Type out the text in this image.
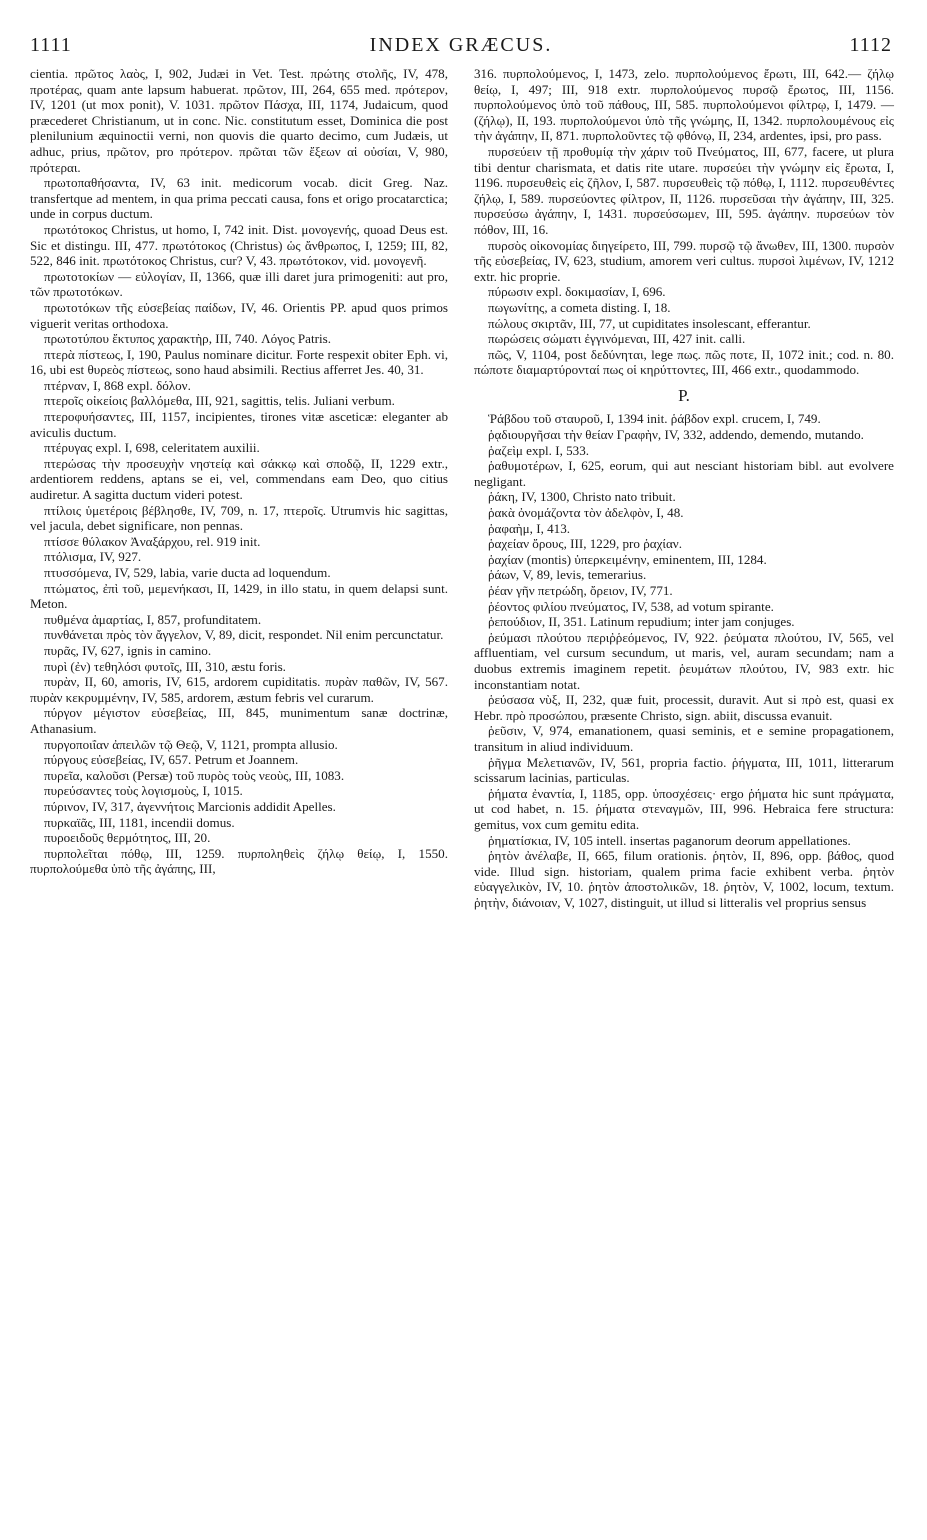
1111	INDEX GRÆCUS.	1112

cientia. πρῶτος λαὸς, I, 902, Judæi in Vet. Test. πρώτης στολῆς, IV, 478, προτέρας, quam ante lapsum habuerat. πρῶτον, III, 264, 655 med. πρότερον, IV, 1201 (ut mox ponit), V. 1031. πρῶτον Πάσχα, III, 1174, Judaicum, quod præcederet Christianum, ut in conc. Nic. constitutum esset, Dominica die post plenilunium æquinoctii verni, non quovis die quarto decimo, cum Judæis, ut adhuc, prius, πρῶτον, pro πρότερον. πρῶται τῶν ἔξεων αἱ οὐσίαι, V, 980, πρότεραι.

πρωτοπαθήσαντα, IV, 63 init. medicorum vocab. dicit Greg. Naz. transfertque ad mentem, in qua prima peccati causa, fons et origo procatarctica; unde in corpus ductum.

πρωτότοκος Christus, ut homo, I, 742 init. Dist. μονογενής, quoad Deus est. Sic et distingu. III, 477. πρωτότοκος (Christus) ὡς ἄνθρωπος, I, 1259; III, 82, 522, 846 init. πρωτότοκος Christus, cur? V, 43. πρωτότοκον, vid. μονογενῆ.

πρωτοτοκίων — εὐλογίαν, II, 1366, quæ illi daret jura primogeniti: aut pro, τῶν πρωτοτόκων.

πρωτοτόκων τῆς εὐσεβείας παίδων, IV, 46. Orientis PP. apud quos primos viguerit veritas orthodoxa.

πρωτοτύπου ἔκτυπος χαρακτὴρ, III, 740. Λόγος Patris.

πτερὰ πίστεως, I, 190, Paulus nominare dicitur. Forte respexit obiter Eph. vi, 16, ubi est θυρεὸς πίστεως, sono haud absimili. Rectius afferret Jes. 40, 31.

πτέρναν, I, 868 expl. δόλον.

πτεροῖς οἰκείοις βαλλόμεθα, III, 921, sagittis, telis. Juliani verbum.

πτεροφυήσαντες, III, 1157, incipientes, tirones vitæ asceticæ: eleganter ab aviculis ductum.

πτέρυγας expl. I, 698, celeritatem auxilii.

πτερώσας τὴν προσευχὴν νηστείᾳ καὶ σάκκῳ καὶ σποδῷ, II, 1229 extr., ardentiorem reddens, aptans se ei, vel, commendans eam Deo, quo citius audiretur. A sagitta ductum videri potest.

πτίλοις ὑμετέροις βέβλησθε, IV, 709, n. 17, πτεροῖς. Utrumvis hic sagittas, vel jacula, debet significare, non pennas.

πτίσσε θύλακον Ἀναξάρχου, rel. 919 init.

πτόλισμα, IV, 927.

πτυσσόμενα, IV, 529, labia, varie ducta ad loquendum.

πτώματος, ἐπὶ τοῦ, μεμενήκασι, II, 1429, in illo statu, in quem delapsi sunt. Meton.

πυθμένα ἁμαρτίας, I, 857, profunditatem.

πυνθάνεται πρὸς τὸν ἄγγελον, V, 89, dicit, respondet. Nil enim percunctatur.

πυρᾶς, IV, 627, ignis in camino.

πυρὶ (ἐν) τεθηλόσι φυτοῖς, III, 310, æstu foris.

πυρὰν, II, 60, amoris, IV, 615, ardorem cupiditatis. πυρὰν παθῶν, IV, 567. πυρὰν κεκρυμμένην, IV, 585, ardorem, æstum febris vel curarum.

πύργον μέγιστον εὐσεβείας, III, 845, munimentum sanæ doctrinæ, Athanasium.

πυργοποιΐαν ἀπειλῶν τῷ Θεῷ, V, 1121, prompta allusio.

πύργους εὐσεβείας, IV, 657. Petrum et Joannem.

πυρεῖα, καλοῦσι (Persæ) τοῦ πυρὸς τοὺς νεοὺς, III, 1083.

πυρεύσαντες τοὺς λογισμοὺς, I, 1015.

πύρινον, IV, 317, ἀγεννήτοις Marcionis addidit Apelles.

πυρκαϊᾶς, III, 1181, incendii domus.

πυροειδοῦς θερμότητος, III, 20.

πυρπολεῖται πόθῳ, III, 1259. πυρποληθεὶς ζήλῳ θείῳ, I, 1550. πυρπολούμεθα ὑπὸ τῆς ἀγάπης, III,

316. πυρπολούμενος, I, 1473, zelo. πυρπολούμενος ἔρωτι, III, 642.— ζήλῳ θείῳ, I, 497; III, 918 extr. πυρπολούμενος πυρσῷ ἔρωτος, III, 1156. πυρπολούμενος ὑπὸ τοῦ πάθους, III, 585. πυρπολούμενοι φίλτρῳ, I, 1479. —(ζήλῳ), II, 193. πυρπολούμενοι ὑπὸ τῆς γνώμης, II, 1342. πυρπολουμένους εἰς τὴν ἀγάπην, II, 871. πυρπολοῦντες τῷ φθόνῳ, II, 234, ardentes, ipsi, pro pass.

πυρσεύειν τῇ προθυμίᾳ τὴν χάριν τοῦ Πνεύματος, III, 677, facere, ut plura tibi dentur charismata, et datis rite utare. πυρσεύει τὴν γνώμην εἰς ἔρωτα, I, 1196. πυρσευθεὶς εἰς ζῆλον, I, 587. πυρσευθεὶς τῷ πόθῳ, I, 1112. πυρσευθέντες ζήλῳ, I, 589. πυρσεύοντες φίλτρον, II, 1126. πυρσεῦσαι τὴν ἀγάπην, III, 325. πυρσεύσω ἀγάπην, I, 1431. πυρσεύσωμεν, III, 595. ἀγάπην. πυρσεύων τὸν πόθον, III, 16.

πυρσὸς οἰκονομίας διηγείρετο, III, 799. πυρσῷ τῷ ἄνωθεν, III, 1300. πυρσὸν τῆς εὐσεβείας, IV, 623, studium, amorem veri cultus. πυρσοὶ λιμένων, IV, 1212 extr. hic proprie.

πύρωσιν expl. δοκιμασίαν, I, 696.

πωγωνίτης, a cometa disting. I, 18.

πώλους σκιρτᾶν, III, 77, ut cupiditates insolescant, efferantur.

πωρώσεις σώματι ἐγγινόμεναι, III, 427 init. calli.

πῶς, V, 1104, post δεδύνηται, lege πως. πῶς ποτε, II, 1072 init.; cod. n. 80. πώποτε διαμαρτύρονταί πως οἱ κηρύττοντες, III, 466 extr., quodammodo.

P.

Ῥάβδου τοῦ σταυροῦ, I, 1394 init. ῥάβδον expl. crucem, I, 749.

ῥᾳδιουργῆσαι τὴν θείαν Γραφὴν, IV, 332, addendo, demendo, mutando.

ῥαζεὶμ expl. I, 533.

ῥαθυμοτέρων, I, 625, eorum, qui aut nesciant historiam bibl. aut evolvere negligant.

ῥάκη, IV, 1300, Christo nato tribuit.

ῥακὰ ὀνομάζοντα τὸν ἀδελφὸν, I, 48.

ῥαφαὴμ, I, 413.

ῥαχείαν ὄρους, III, 1229, pro ῥαχίαν.

ῥαχίαν (montis) ὑπερκειμένην, eminentem, III, 1284.

ῥάων, V, 89, levis, temerarius.

ῥέαν γῆν πετρώδη, ὄρειον, IV, 771.

ῥέοντος φιλίου πνεύματος, IV, 538, ad votum spirante.

ῥεπούδιον, II, 351. Latinum repudium; inter jam conjuges.

ῥεύμασι πλούτου περιῤῥεόμενος, IV, 922. ῥεύματα πλούτου, IV, 565, vel affluentiam, vel cursum secundum, ut maris, vel, auram secundam; nam a duobus extremis imaginem repetit. ῥευμάτων πλούτου, IV, 983 extr. hic inconstantiam notat.

ῥεύσασα νὺξ, II, 232, quæ fuit, processit, duravit. Aut si πρὸ est, quasi ex Hebr. πρὸ προσώπου, præsente Christo, sign. abiit, discussa evanuit.

ῥεῦσιν, V, 974, emanationem, quasi seminis, et e semine propagationem, transitum in aliud individuum.

ῥῆγμα Μελετιανῶν, IV, 561, propria factio. ῥήγματα, III, 1011, litterarum scissarum lacinias, particulas.

ῥήματα ἐναντία, I, 1185, opp. ὑποσχέσεις· ergo ῥήματα hic sunt πράγματα, ut cod habet, n. 15. ῥήματα στεναγμῶν, III, 996. Hebraica fere structura: gemitus, vox cum gemitu edita.

ῥηματίσκια, IV, 105 intell. insertas paganorum deorum appellationes.

ῥητὸν ἀνέλαβε, II, 665, filum orationis. ῥητὸν, II, 896, opp. βάθος, quod vide. Illud sign. historiam, qualem prima facie exhibent verba. ῥητὸν εὐαγγελικὸν, IV, 10. ῥητὸν ἀποστολικῶν, 18. ῥητὸν, V, 1002, locum, textum. ῥητὴν, διάνοιαν, V, 1027, distinguit, ut illud si litteralis vel proprius sensus
